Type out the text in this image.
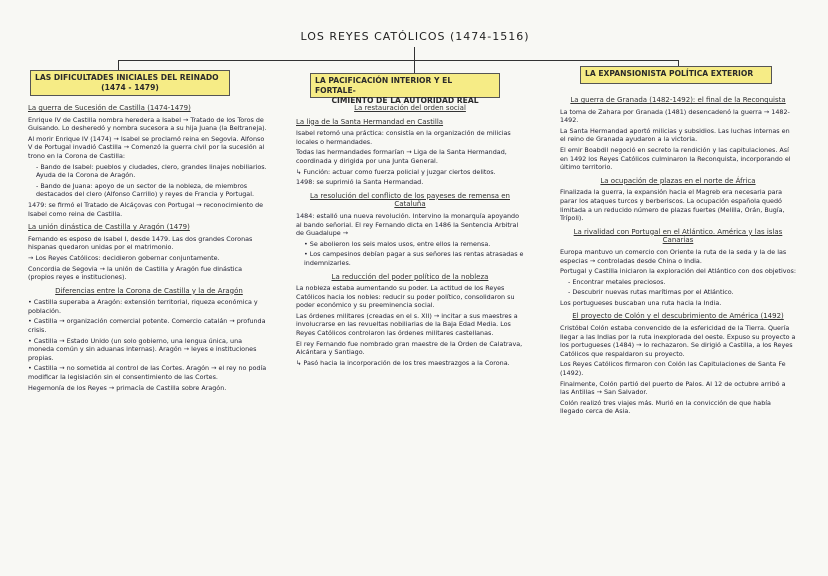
LOS REYES CATÓLICOS (1474-1516)
LAS DIFICULTADES INICIALES DEL REINADO
(1474 - 1479)
LA PACIFICACIÓN INTERIOR Y EL FORTALE-
CIMIENTO DE LA AUTORIDAD REAL
LA EXPANSIONISTA POLÍTICA EXTERIOR
La guerra de Sucesión de Castilla (1474-1479)
Enrique IV de Castilla nombra heredera a Isabel → Tratado de los Toros de Guisando. Lo desheredó y nombra sucesora a su hija Juana (la Beltraneja).
Al morir Enrique IV (1474) → Isabel se proclamó reina en Segovia. Alfonso V de Portugal invadió Castilla → Comenzó la guerra civil por la sucesión al trono en la Corona de Castilla:
- Bando de Isabel: pueblos y ciudades, clero, grandes linajes nobiliarios. Ayuda de la Corona de Aragón.
- Bando de Juana: apoyo de un sector de la nobleza, de miembros destacados del clero (Alfonso Carrillo) y reyes de Francia y Portugal.
1479: se firmó el Tratado de Alcáçovas con Portugal → reconocimiento de Isabel como reina de Castilla.
La unión dinástica de Castilla y Aragón (1479)
Fernando es esposo de Isabel I, desde 1479. Las dos grandes Coronas hispanas quedaron unidas por el matrimonio.
→ Los Reyes Católicos: decidieron gobernar conjuntamente.
Concordia de Segovia → la unión de Castilla y Aragón fue dinástica (propios reyes e instituciones).
Diferencias entre la Corona de Castilla y la de Aragón
• Castilla superaba a Aragón: extensión territorial, riqueza económica y población.
• Castilla → organización comercial potente. Comercio catalán → profunda crisis.
• Castilla → Estado Unido (un solo gobierno, una lengua única, una moneda común y sin aduanas internas). Aragón → leyes e instituciones propias.
• Castilla → no sometida al control de las Cortes. Aragón → el rey no podía modificar la legislación sin el consentimiento de las Cortes.
Hegemonía de los Reyes → primacía de Castilla sobre Aragón.
La restauración del orden social
La liga de la Santa Hermandad en Castilla
Isabel retomó una práctica: consistía en la organización de milicias locales o hermandades.
Todas las hermandades formarían → Liga de la Santa Hermandad, coordinada y dirigida por una Junta General.
↳ Función: actuar como fuerza policial y juzgar ciertos delitos.
1498: se suprimió la Santa Hermandad.
La resolución del conflicto de los payeses de remensa en Cataluña
1484: estalló una nueva revolución. Intervino la monarquía apoyando al bando señorial. El rey Fernando dicta en 1486 la Sentencia Arbitral de Guadalupe →
• Se abolieron los seis malos usos, entre ellos la remensa.
• Los campesinos debían pagar a sus señores las rentas atrasadas e indemnizarles.
La reducción del poder político de la nobleza
La nobleza estaba aumentando su poder. La actitud de los Reyes Católicos hacia los nobles: reducir su poder político, consolidaron su poder económico y su preeminencia social.
Las órdenes militares (creadas en el s. XII) → incitar a sus maestres a involucrarse en las revueltas nobiliarias de la Baja Edad Media. Los Reyes Católicos controlaron las órdenes militares castellanas.
El rey Fernando fue nombrado gran maestre de la Orden de Calatrava, Alcántara y Santiago.
↳ Pasó hacia la incorporación de los tres maestrazgos a la Corona.
La guerra de Granada (1482-1492): el final de la Reconquista
La toma de Zahara por Granada (1481) desencadenó la guerra → 1482-1492.
La Santa Hermandad aportó milicias y subsidios. Las luchas internas en el reino de Granada ayudaron a la victoria.
El emir Boabdil negoció en secreto la rendición y las capitulaciones. Así en 1492 los Reyes Católicos culminaron la Reconquista, incorporando el último territorio.
La ocupación de plazas en el norte de África
Finalizada la guerra, la expansión hacia el Magreb era necesaria para parar los ataques turcos y berberiscos. La ocupación española quedó limitada a un reducido número de plazas fuertes (Melilla, Orán, Bugía, Trípoli).
La rivalidad con Portugal en el Atlántico. América y las islas Canarias
Europa mantuvo un comercio con Oriente la ruta de la seda y la de las especias → controladas desde China o India.
Portugal y Castilla iniciaron la exploración del Atlántico con dos objetivos:
- Encontrar metales preciosos.
- Descubrir nuevas rutas marítimas por el Atlántico.
Los portugueses buscaban una ruta hacia la India.
El proyecto de Colón y el descubrimiento de América (1492)
Cristóbal Colón estaba convencido de la esfericidad de la Tierra. Quería llegar a las Indias por la ruta inexplorada del oeste. Expuso su proyecto a los portugueses (1484) → lo rechazaron. Se dirigió a Castilla, a los Reyes Católicos que respaldaron su proyecto.
Los Reyes Católicos firmaron con Colón las Capitulaciones de Santa Fe (1492).
Finalmente, Colón partió del puerto de Palos. Al 12 de octubre arribó a las Antillas → San Salvador.
Colón realizó tres viajes más. Murió en la convicción de que había llegado cerca de Asia.
